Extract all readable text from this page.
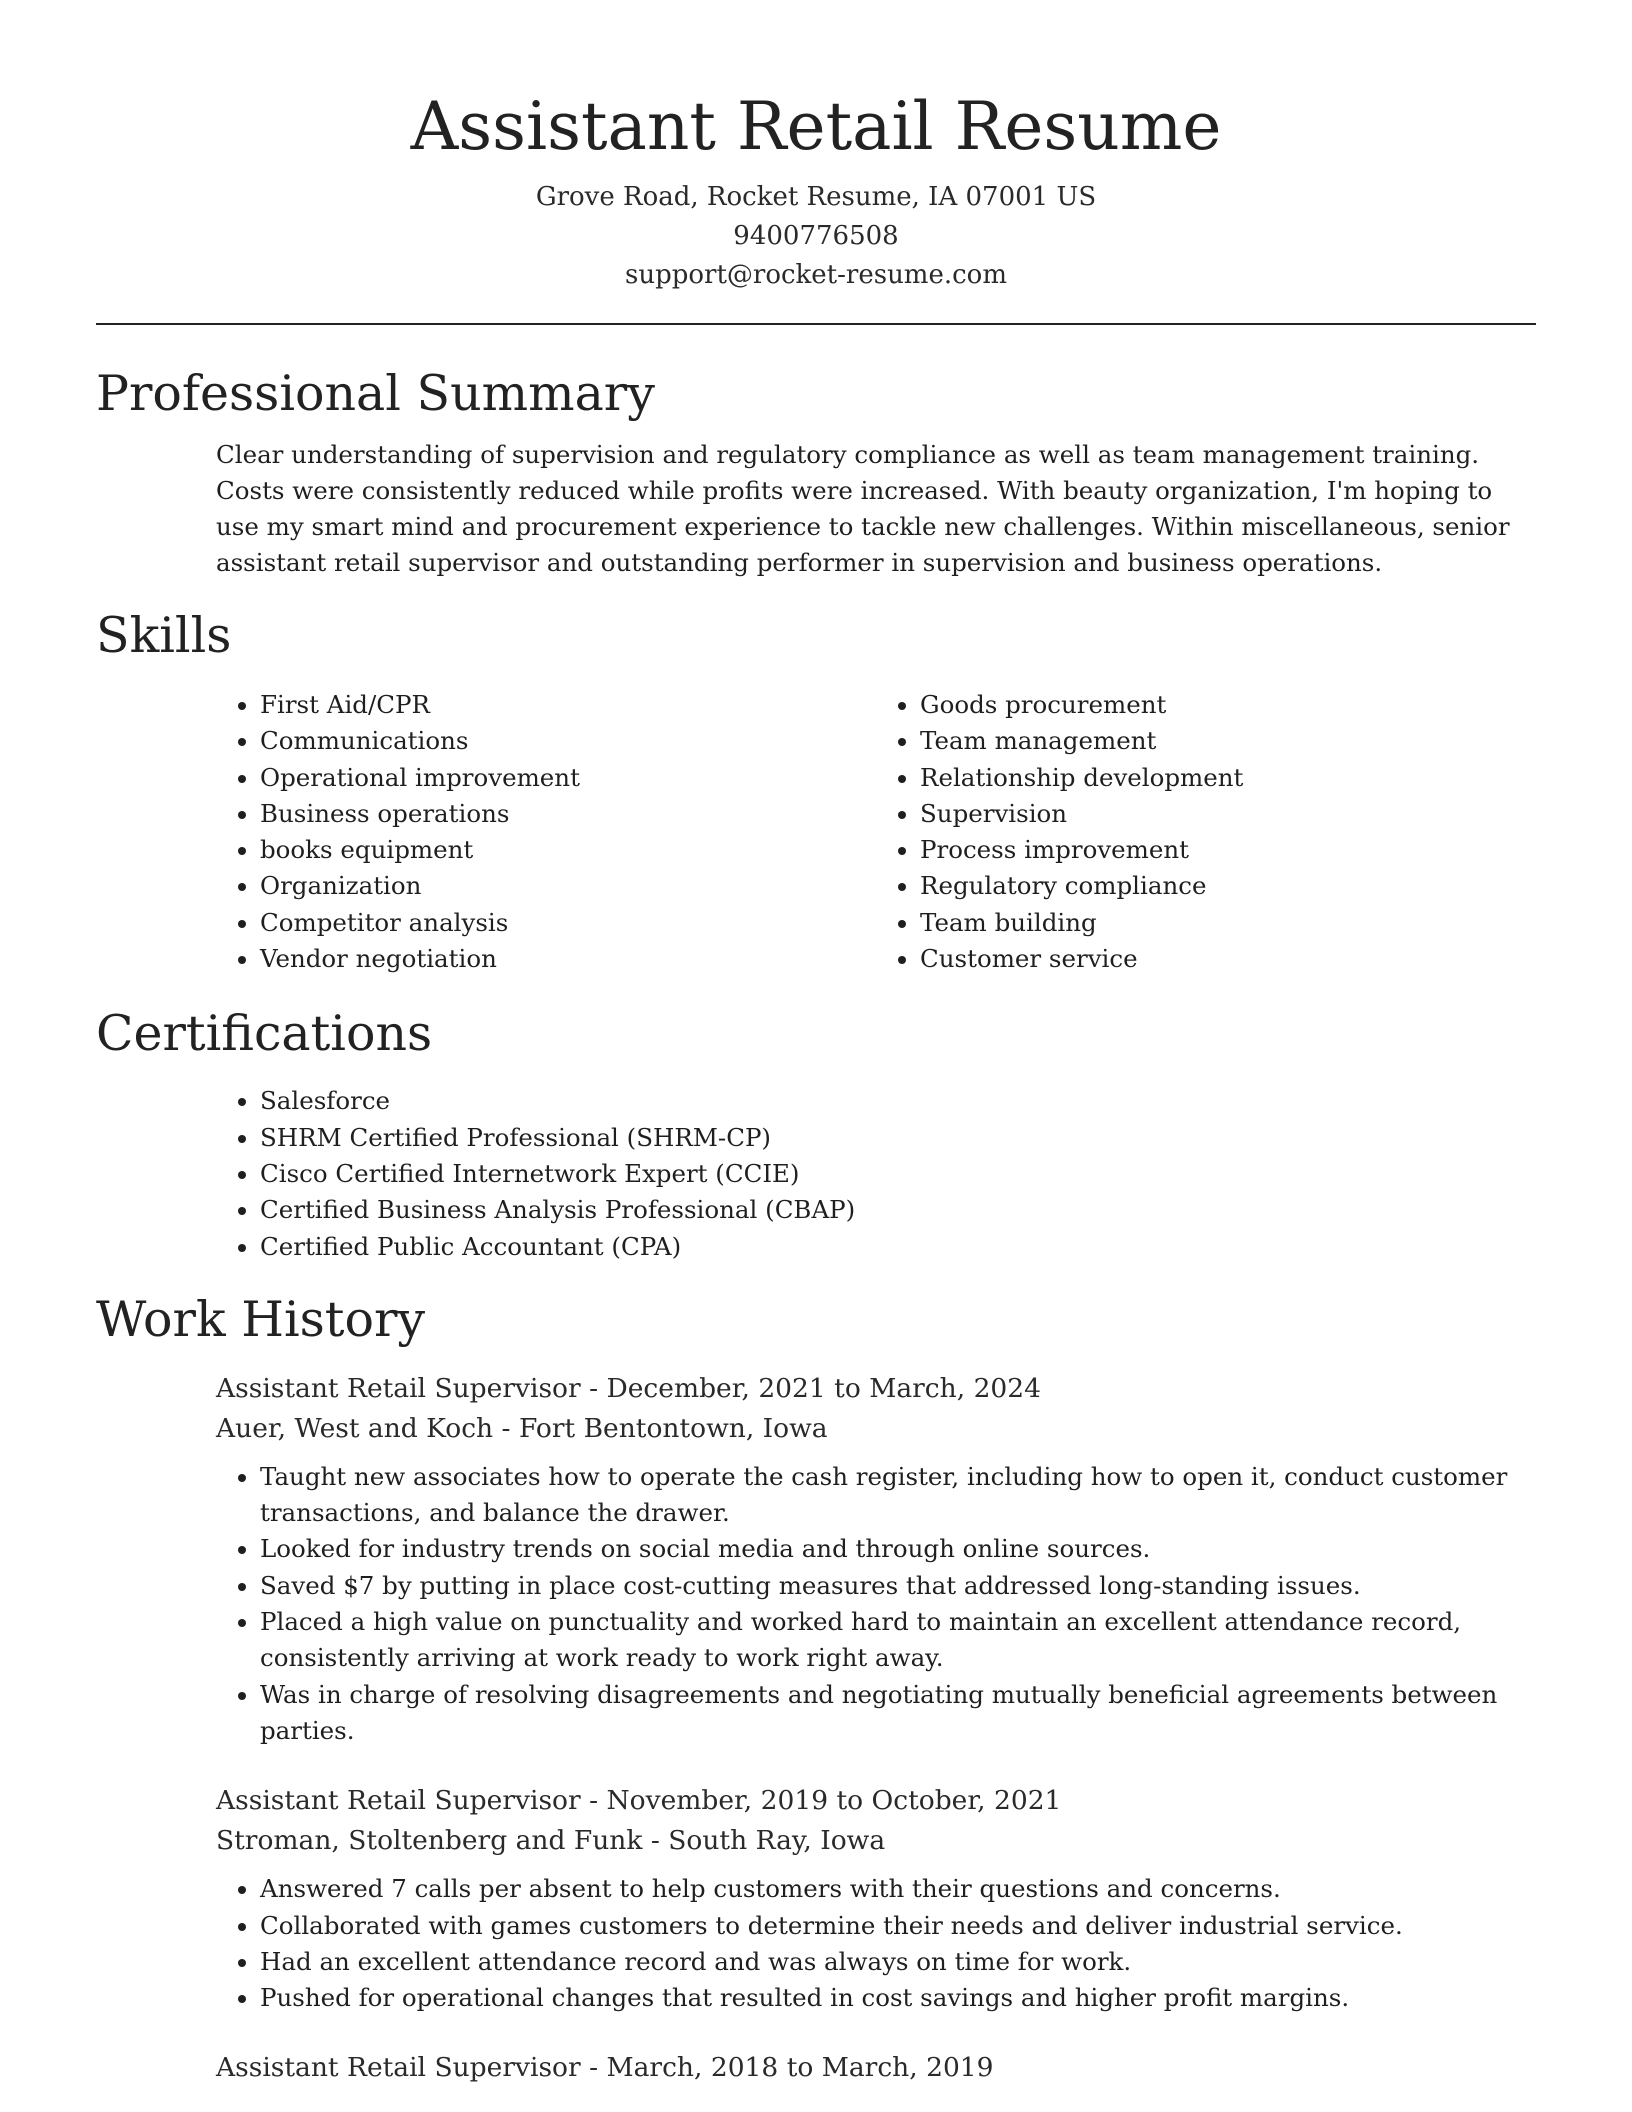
Assistant Retail Resume
Grove Road, Rocket Resume, IA 07001 US
9400776508
support@rocket-resume.com
Professional Summary
Clear understanding of supervision and regulatory compliance as well as team management training. Costs were consistently reduced while profits were increased. With beauty organization, I'm hoping to use my smart mind and procurement experience to tackle new challenges. Within miscellaneous, senior assistant retail supervisor and outstanding performer in supervision and business operations.
Skills
• First Aid/CPR
• Communications
• Operational improvement
• Business operations
• books equipment
• Organization
• Competitor analysis
• Vendor negotiation
• Goods procurement
• Team management
• Relationship development
• Supervision
• Process improvement
• Regulatory compliance
• Team building
• Customer service
Certifications
• Salesforce
• SHRM Certified Professional (SHRM-CP)
• Cisco Certified Internetwork Expert (CCIE)
• Certified Business Analysis Professional (CBAP)
• Certified Public Accountant (CPA)
Work History
Assistant Retail Supervisor - December, 2021 to March, 2024
Auer, West and Koch - Fort Bentontown, Iowa
• Taught new associates how to operate the cash register, including how to open it, conduct customer transactions, and balance the drawer.
• Looked for industry trends on social media and through online sources.
• Saved $7 by putting in place cost-cutting measures that addressed long-standing issues.
• Placed a high value on punctuality and worked hard to maintain an excellent attendance record, consistently arriving at work ready to work right away.
• Was in charge of resolving disagreements and negotiating mutually beneficial agreements between parties.
Assistant Retail Supervisor - November, 2019 to October, 2021
Stroman, Stoltenberg and Funk - South Ray, Iowa
• Answered 7 calls per absent to help customers with their questions and concerns.
• Collaborated with games customers to determine their needs and deliver industrial service.
• Had an excellent attendance record and was always on time for work.
• Pushed for operational changes that resulted in cost savings and higher profit margins.
Assistant Retail Supervisor - March, 2018 to March, 2019
